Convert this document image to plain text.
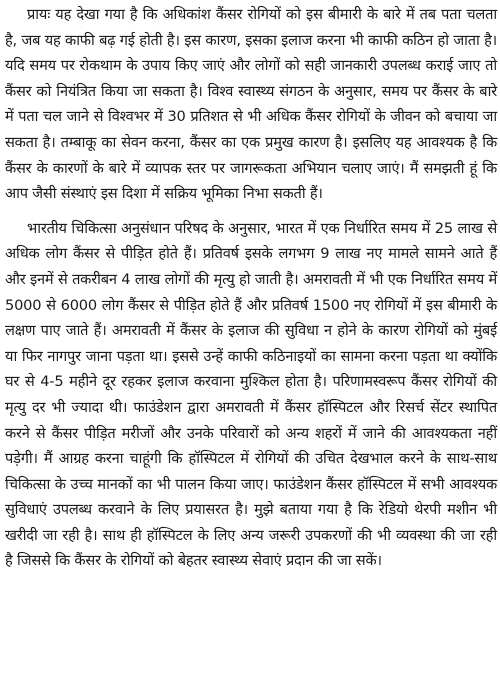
प्रायः यह देखा गया है कि अधिकांश कैंसर रोगियों को इस बीमारी के बारे में तब पता चलता है, जब यह काफी बढ़ गई होती है। इस कारण, इसका इलाज करना भी काफी कठिन हो जाता है। यदि समय पर रोकथाम के उपाय किए जाएं और लोगों को सही जानकारी उपलब्ध कराई जाए तो कैंसर को नियंत्रित किया जा सकता है। विश्व स्वास्थ्य संगठन के अनुसार, समय पर कैंसर के बारे में पता चल जाने से विश्वभर में 30 प्रतिशत से भी अधिक कैंसर रोगियों के जीवन को बचाया जा सकता है। तम्बाकू का सेवन करना, कैंसर का एक प्रमुख कारण है। इसलिए यह आवश्यक है कि कैंसर के कारणों के बारे में व्यापक स्तर पर जागरूकता अभियान चलाए जाएं। मैं समझती हूं कि आप जैसी संस्थाएं इस दिशा में सक्रिय भूमिका निभा सकती हैं।

भारतीय चिकित्सा अनुसंधान परिषद के अनुसार, भारत में एक निर्धारित समय में 25 लाख से अधिक लोग कैंसर से पीड़ित होते हैं। प्रतिवर्ष इसके लगभग 9 लाख नए मामले सामने आते हैं और इनमें से तकरीबन 4 लाख लोगों की मृत्यु हो जाती है। अमरावती में भी एक निर्धारित समय में 5000 से 6000 लोग कैंसर से पीड़ित होते हैं और प्रतिवर्ष 1500 नए रोगियों में इस बीमारी के लक्षण पाए जाते हैं। अमरावती में कैंसर के इलाज की सुविधा न होने के कारण रोगियों को मुंबई या फिर नागपुर जाना पड़ता था। इससे उन्हें काफी कठिनाइयों का सामना करना पड़ता था क्योंकि घर से 4-5 महीने दूर रहकर इलाज करवाना मुश्किल होता है। परिणामस्वरूप कैंसर रोगियों की मृत्यु दर भी ज्यादा थी। फाउंडेशन द्वारा अमरावती में कैंसर हॉस्पिटल और रिसर्च सेंटर स्थापित करने से कैंसर पीड़ित मरीजों और उनके परिवारों को अन्य शहरों में जाने की आवश्यकता नहीं पड़ेगी। मैं आग्रह करना चाहूंगी कि हॉस्पिटल में रोगियों की उचित देखभाल करने के साथ-साथ चिकित्सा के उच्च मानकों का भी पालन किया जाए। फाउंडेशन कैंसर हॉस्पिटल में सभी आवश्यक सुविधाएं उपलब्ध करवाने के लिए प्रयासरत है। मुझे बताया गया है कि रेडियो थेरपी मशीन भी खरीदी जा रही है। साथ ही हॉस्पिटल के लिए अन्य जरूरी उपकरणों की भी व्यवस्था की जा रही है जिससे कि कैंसर के रोगियों को बेहतर स्वास्थ्य सेवाएं प्रदान की जा सकें।
